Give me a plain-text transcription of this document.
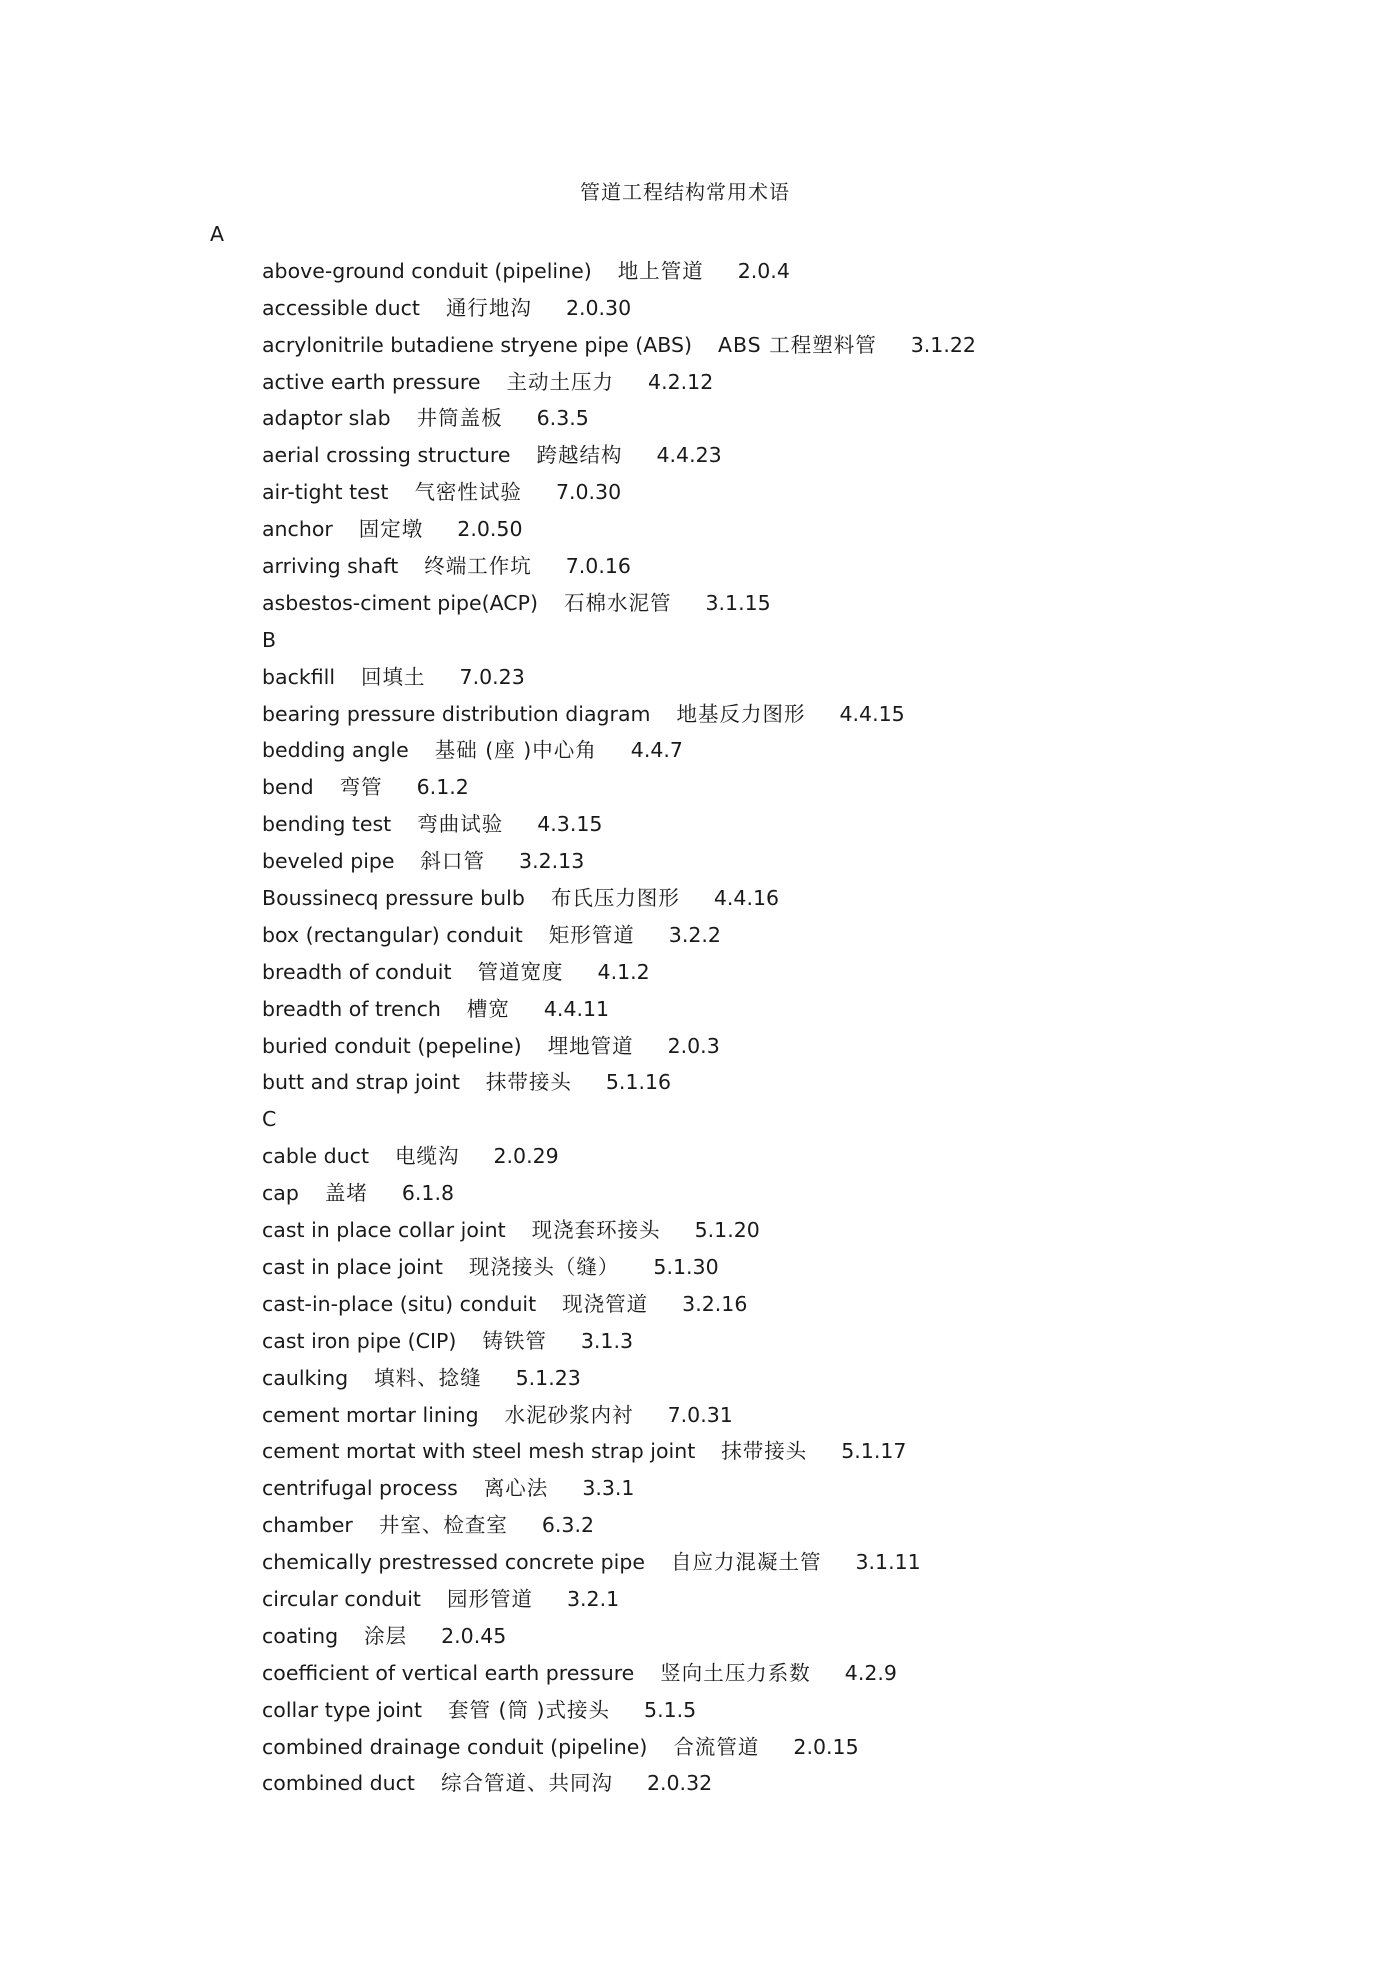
管道工程结构常用术语
A
above-ground conduit (pipeline) 地上管道 2.0.4
accessible duct 通行地沟 2.0.30
acrylonitrile butadiene stryene pipe (ABS) ABS 工程塑料管 3.1.22
active earth pressure 主动土压力 4.2.12
adaptor slab 井筒盖板 6.3.5
aerial crossing structure 跨越结构 4.4.23
air-tight test 气密性试验 7.0.30
anchor 固定墩 2.0.50
arriving shaft 终端工作坑 7.0.16
asbestos-ciment pipe(ACP) 石棉水泥管 3.1.15
B
backfill 回填土 7.0.23
bearing pressure distribution diagram 地基反力图形 4.4.15
bedding angle 基础 (座 )中心角 4.4.7
bend 弯管 6.1.2
bending test 弯曲试验 4.3.15
beveled pipe 斜口管 3.2.13
Boussinecq pressure bulb 布氏压力图形 4.4.16
box (rectangular) conduit 矩形管道 3.2.2
breadth of conduit 管道宽度 4.1.2
breadth of trench 槽宽 4.4.11
buried conduit (pepeline) 埋地管道 2.0.3
butt and strap joint 抹带接头 5.1.16
C
cable duct 电缆沟 2.0.29
cap 盖堵 6.1.8
cast in place collar joint 现浇套环接头 5.1.20
cast in place joint 现浇接头（缝） 5.1.30
cast-in-place (situ) conduit 现浇管道 3.2.16
cast iron pipe (CIP) 铸铁管 3.1.3
caulking 填料、捻缝 5.1.23
cement mortar lining 水泥砂浆内衬 7.0.31
cement mortat with steel mesh strap joint 抹带接头 5.1.17
centrifugal process 离心法 3.3.1
chamber 井室、检查室 6.3.2
chemically prestressed concrete pipe 自应力混凝土管 3.1.11
circular conduit 园形管道 3.2.1
coating 涂层 2.0.45
coefficient of vertical earth pressure 竖向土压力系数 4.2.9
collar type joint 套管 (筒 )式接头 5.1.5
combined drainage conduit (pipeline) 合流管道 2.0.15
combined duct 综合管道、共同沟 2.0.32
